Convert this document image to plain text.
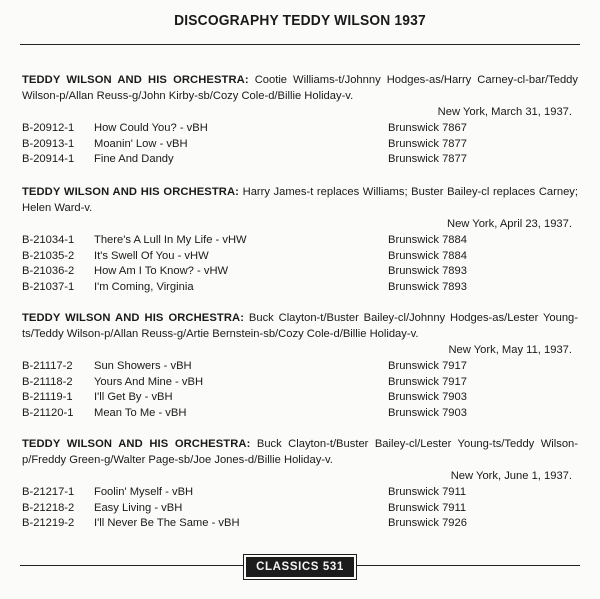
DISCOGRAPHY TEDDY WILSON 1937
TEDDY WILSON AND HIS ORCHESTRA: Cootie Williams-t/Johnny Hodges-as/Harry Carney-cl-bar/Teddy Wilson-p/Allan Reuss-g/John Kirby-sb/Cozy Cole-d/Billie Holiday-v.
New York, March 31, 1937.
B-20912-1 How Could You? - vBH	Brunswick 7867
B-20913-1 Moanin' Low - vBH	Brunswick 7877
B-20914-1 Fine And Dandy	Brunswick 7877
TEDDY WILSON AND HIS ORCHESTRA: Harry James-t replaces Williams; Buster Bailey-cl replaces Carney; Helen Ward-v.
New York, April 23, 1937.
B-21034-1 There's A Lull In My Life - vHW	Brunswick 7884
B-21035-2 It's Swell Of You - vHW	Brunswick 7884
B-21036-2 How Am I To Know? - vHW	Brunswick 7893
B-21037-1 I'm Coming, Virginia	Brunswick 7893
TEDDY WILSON AND HIS ORCHESTRA: Buck Clayton-t/Buster Bailey-cl/Johnny Hodges-as/Lester Young-ts/Teddy Wilson-p/Allan Reuss-g/Artie Bernstein-sb/Cozy Cole-d/Billie Holiday-v.
New York, May 11, 1937.
B-21117-2 Sun Showers - vBH	Brunswick 7917
B-21118-2 Yours And Mine - vBH	Brunswick 7917
B-21119-1 I'll Get By - vBH	Brunswick 7903
B-21120-1 Mean To Me - vBH	Brunswick 7903
TEDDY WILSON AND HIS ORCHESTRA: Buck Clayton-t/Buster Bailey-cl/Lester Young-ts/Teddy Wilson-p/Freddy Green-g/Walter Page-sb/Joe Jones-d/Billie Holiday-v.
New York, June 1, 1937.
B-21217-1 Foolin' Myself - vBH	Brunswick 7911
B-21218-2 Easy Living - vBH	Brunswick 7911
B-21219-2 I'll Never Be The Same - vBH	Brunswick 7926
CLASSICS 531
